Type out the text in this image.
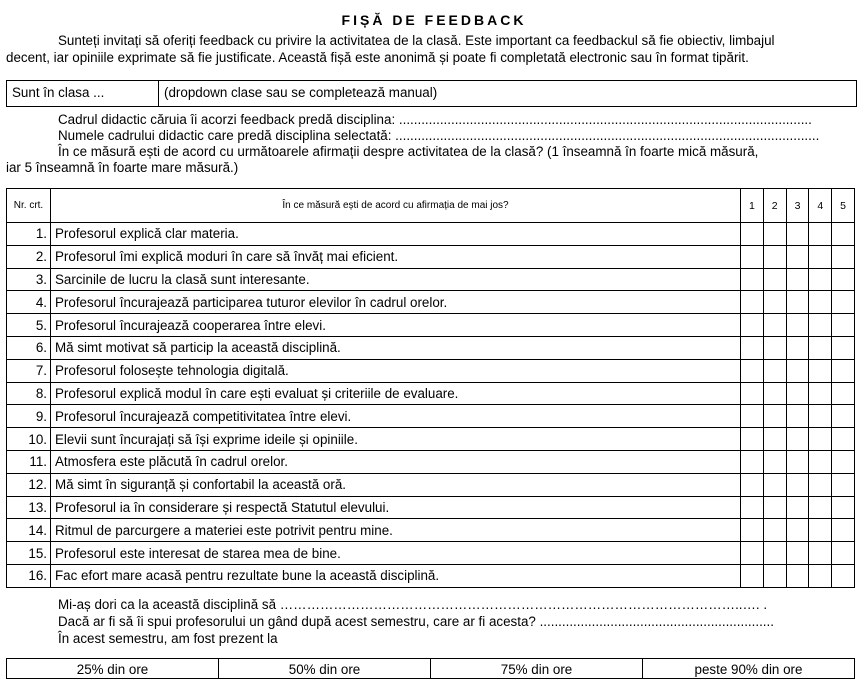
FIȘĂ DE FEEDBACK
Sunteți invitați să oferiți feedback cu privire la activitatea de la clasă. Este important ca feedbackul să fie obiectiv, limbajul
decent, iar opiniile exprimate să fie justificate. Această fișă este anonimă și poate fi completată electronic sau în format tipărit.
Sunt în clasa ...	(dropdown clase sau se completează manual)
Cadrul didactic căruia îi acorzi feedback predă disciplina: ...............................................................................................................
Numele cadrului didactic care predă disciplina selectată: ..................................................................................................................
În ce măsură ești de acord cu următoarele afirmații despre activitatea de la clasă? (1 înseamnă în foarte mică măsură,
iar 5 înseamnă în foarte mare măsură.)
Nr. crt.	În ce măsură ești de acord cu afirmația de mai jos?	1	2	3	4	5
1.	Profesorul explică clar materia.					
2.	Profesorul îmi explică moduri în care să învăț mai eficient.					
3.	Sarcinile de lucru la clasă sunt interesante.					
4.	Profesorul încurajează participarea tuturor elevilor în cadrul orelor.					
5.	Profesorul încurajează cooperarea între elevi.					
6.	Mă simt motivat să particip la această disciplină.					
7.	Profesorul folosește tehnologia digitală.					
8.	Profesorul explică modul în care ești evaluat și criteriile de evaluare.					
9.	Profesorul încurajează competitivitatea între elevi.					
10.	Elevii sunt încurajați să își exprime ideile și opiniile.					
11.	Atmosfera este plăcută în cadrul orelor.					
12.	Mă simt în siguranță și confortabil la această oră.					
13.	Profesorul ia în considerare și respectă Statutul elevului.					
14.	Ritmul de parcurgere a materiei este potrivit pentru mine.					
15.	Profesorul este interesat de starea mea de bine.					
16.	Fac efort mare acasă pentru rezultate bune la această disciplină.					
Mi-aș dori ca la această disciplină să …………………………………………………………………………………………..…. .
Dacă ar fi să îi spui profesorului un gând după acest semestru, care ar fi acesta? ...............................................................
În acest semestru, am fost prezent la
25% din ore	50% din ore	75% din ore	peste 90% din ore
